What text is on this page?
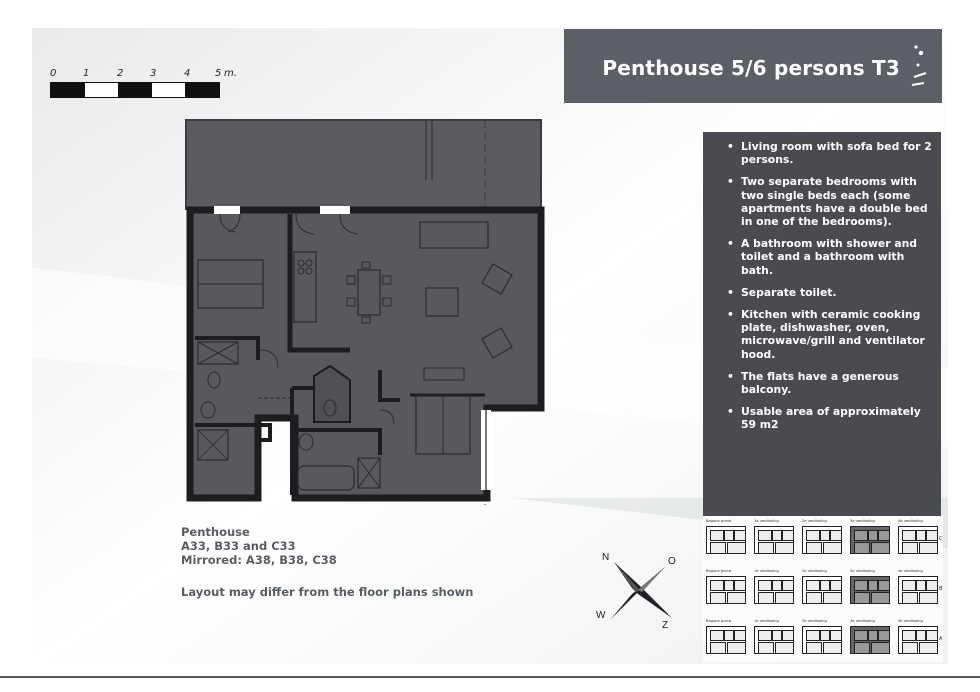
Penthouse 5/6 persons T3
0	1	2	3	4 5 m.
• Living room with sofa bed for 2 persons.
• Two separate bedrooms with two single beds each (some apartments have a double bed in one of the bedrooms).
• A bathroom with shower and toilet and a bathroom with bath.
• Separate toilet.
• Kitchen with ceramic cooking plate, dishwasher, oven, microwave/grill and ventilator hood.
• The flats have a generous balcony.
• Usable area of approximately 59 m2
Penthouse
A33, B33 and C33
Mirrored: A38, B38, C38
Layout may differ from the floor plans shown
N	O
W
Z
Begane grond	1e verdieping	2e verdieping	3e verdieping	4e verdieping
C
Begane grond	1e verdieping	2e verdieping	3e verdieping	4e verdieping
B
Begane grond	1e verdieping	2e verdieping	3e verdieping	4e verdieping
A
